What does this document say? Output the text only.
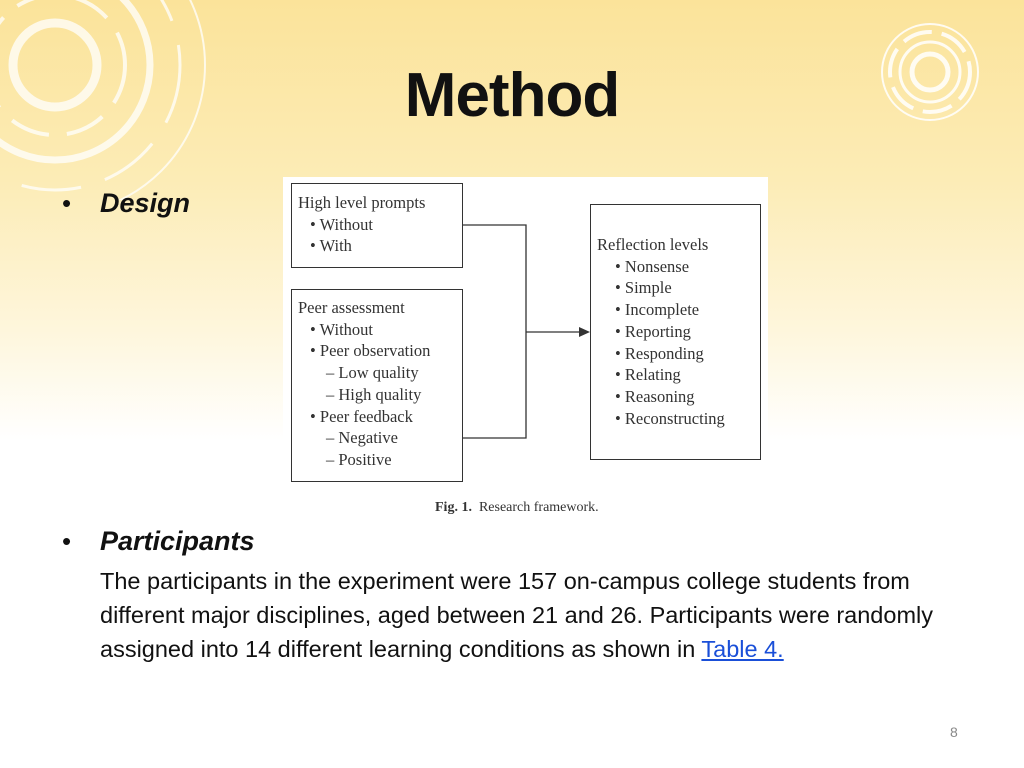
Method
• Design	High level prompts
• Without
• With
Peer assessment
• Without
• Peer observation
– Low quality
– High quality
• Peer feedback
– Negative
– Positive
Reflection levels
• Nonsense
• Simple
• Incomplete
• Reporting
• Responding
• Relating
• Reasoning
• Reconstructing
Fig. 1. Research framework.
• Participants
The participants in the experiment were 157 on-campus college students from different major disciplines, aged between 21 and 26. Participants were randomly assigned into 14 different learning conditions as shown in Table 4.
8
